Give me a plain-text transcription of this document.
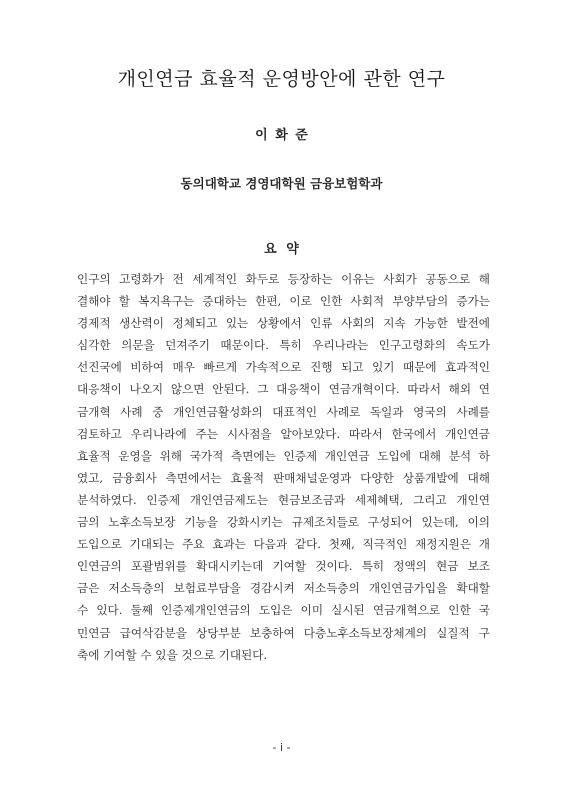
개인연금 효율적 운영방안에 관한 연구
이 화 준
동의대학교 경영대학원 금융보험학과
요 약
인구의 고령화가 전 세계적인 화두로 등장하는 이유는 사회가 공동으로 해
결해야 할 복지욕구는 증대하는 한편, 이로 인한 사회적 부양부담의 증가는
경제적 생산력이 정체되고 있는 상황에서 인류 사회의 지속 가능한 발전에
심각한 의문을 던져주기 때문이다. 특히 우리나라는 인구고령화의 속도가
선진국에 비하여 매우 빠르게 가속적으로 진행 되고 있기 때문에 효과적인
대응책이 나오지 않으면 안된다. 그 대응책이 연금개혁이다. 따라서 해외 연
금개혁 사례 중 개인연금활성화의 대표적인 사례로 독일과 영국의 사례를
검토하고 우리나라에 주는 시사점을 알아보았다. 따라서 한국에서 개인연금
효율적 운영을 위해 국가적 측면에는 인증제 개인연금 도입에 대해 분석 하
였고, 금융회사 측면에서는 효율적 판매채널운영과 다양한 상품개발에 대해
분석하였다. 인증제 개인연금제도는 현금보조금과 세제혜택, 그리고 개인연
금의 노후소득보장 기능을 강화시키는 규제조치들로 구성되어 있는데, 이의
도입으로 기대되는 주요 효과는 다음과 같다. 첫째, 직극적인 재정지원은 개
인연금의 포괄범위를 확대시키는데 기여할 것이다. 특히 정액의 현금 보조
금은 저소득층의 보험료부담을 경감시켜 저소득층의 개인연금가입을 확대할
수 있다. 둘째 인증제개인연금의 도입은 이미 실시된 연금개혁으로 인한 국
민연금 급여삭감분을 상당부분 보충하여 다층노후소득보장체계의 실질적 구
축에 기여할 수 있을 것으로 기대된다.
- i -
